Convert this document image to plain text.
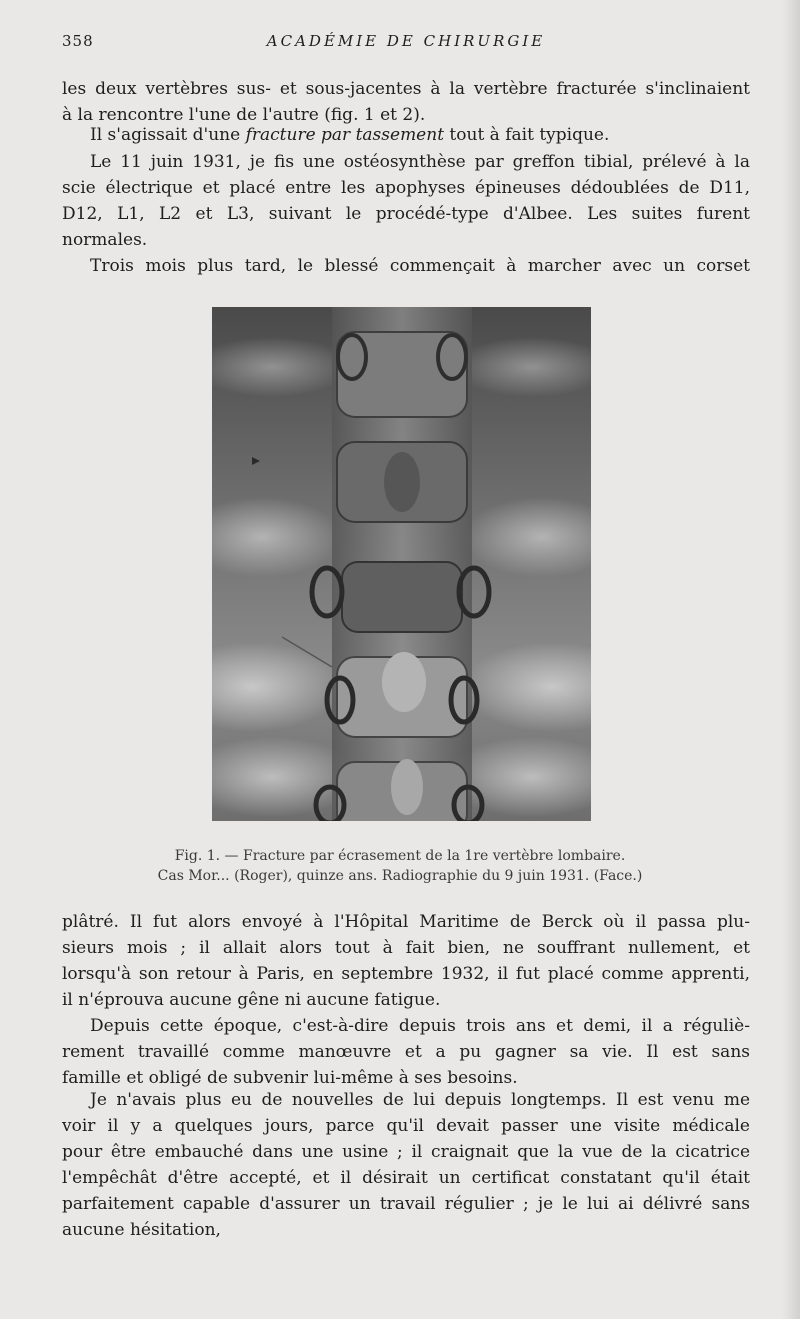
358	ACADÉMIE DE CHIRURGIE
les deux vertèbres sus- et sous-jacentes à la vertèbre fracturée s'inclinaient
à la rencontre l'une de l'autre (fig. 1 et 2).
Il s'agissait d'une fracture par tassement tout à fait typique.
Le 11 juin 1931, je fis une ostéosynthèse par greffon tibial, prélevé à la
scie électrique et placé entre les apophyses épineuses dédoublées de D11,
D12, L1, L2 et L3, suivant le procédé-type d'Albee. Les suites furent
normales.
Trois mois plus tard, le blessé commençait à marcher avec un corset
Fig. 1. — Fracture par écrasement de la 1re vertèbre lombaire.
Cas Mor... (Roger), quinze ans. Radiographie du 9 juin 1931. (Face.)
plâtré. Il fut alors envoyé à l'Hôpital Maritime de Berck où il passa plu-
sieurs mois ; il allait alors tout à fait bien, ne souffrant nullement, et
lorsqu'à son retour à Paris, en septembre 1932, il fut placé comme apprenti,
il n'éprouva aucune gêne ni aucune fatigue.
Depuis cette époque, c'est-à-dire depuis trois ans et demi, il a réguliè-
rement travaillé comme manœuvre et a pu gagner sa vie. Il est sans
famille et obligé de subvenir lui-même à ses besoins.
Je n'avais plus eu de nouvelles de lui depuis longtemps. Il est venu me
voir il y a quelques jours, parce qu'il devait passer une visite médicale
pour être embauché dans une usine ; il craignait que la vue de la cicatrice
l'empêchât d'être accepté, et il désirait un certificat constatant qu'il était
parfaitement capable d'assurer un travail régulier ; je le lui ai délivré sans
aucune hésitation,
